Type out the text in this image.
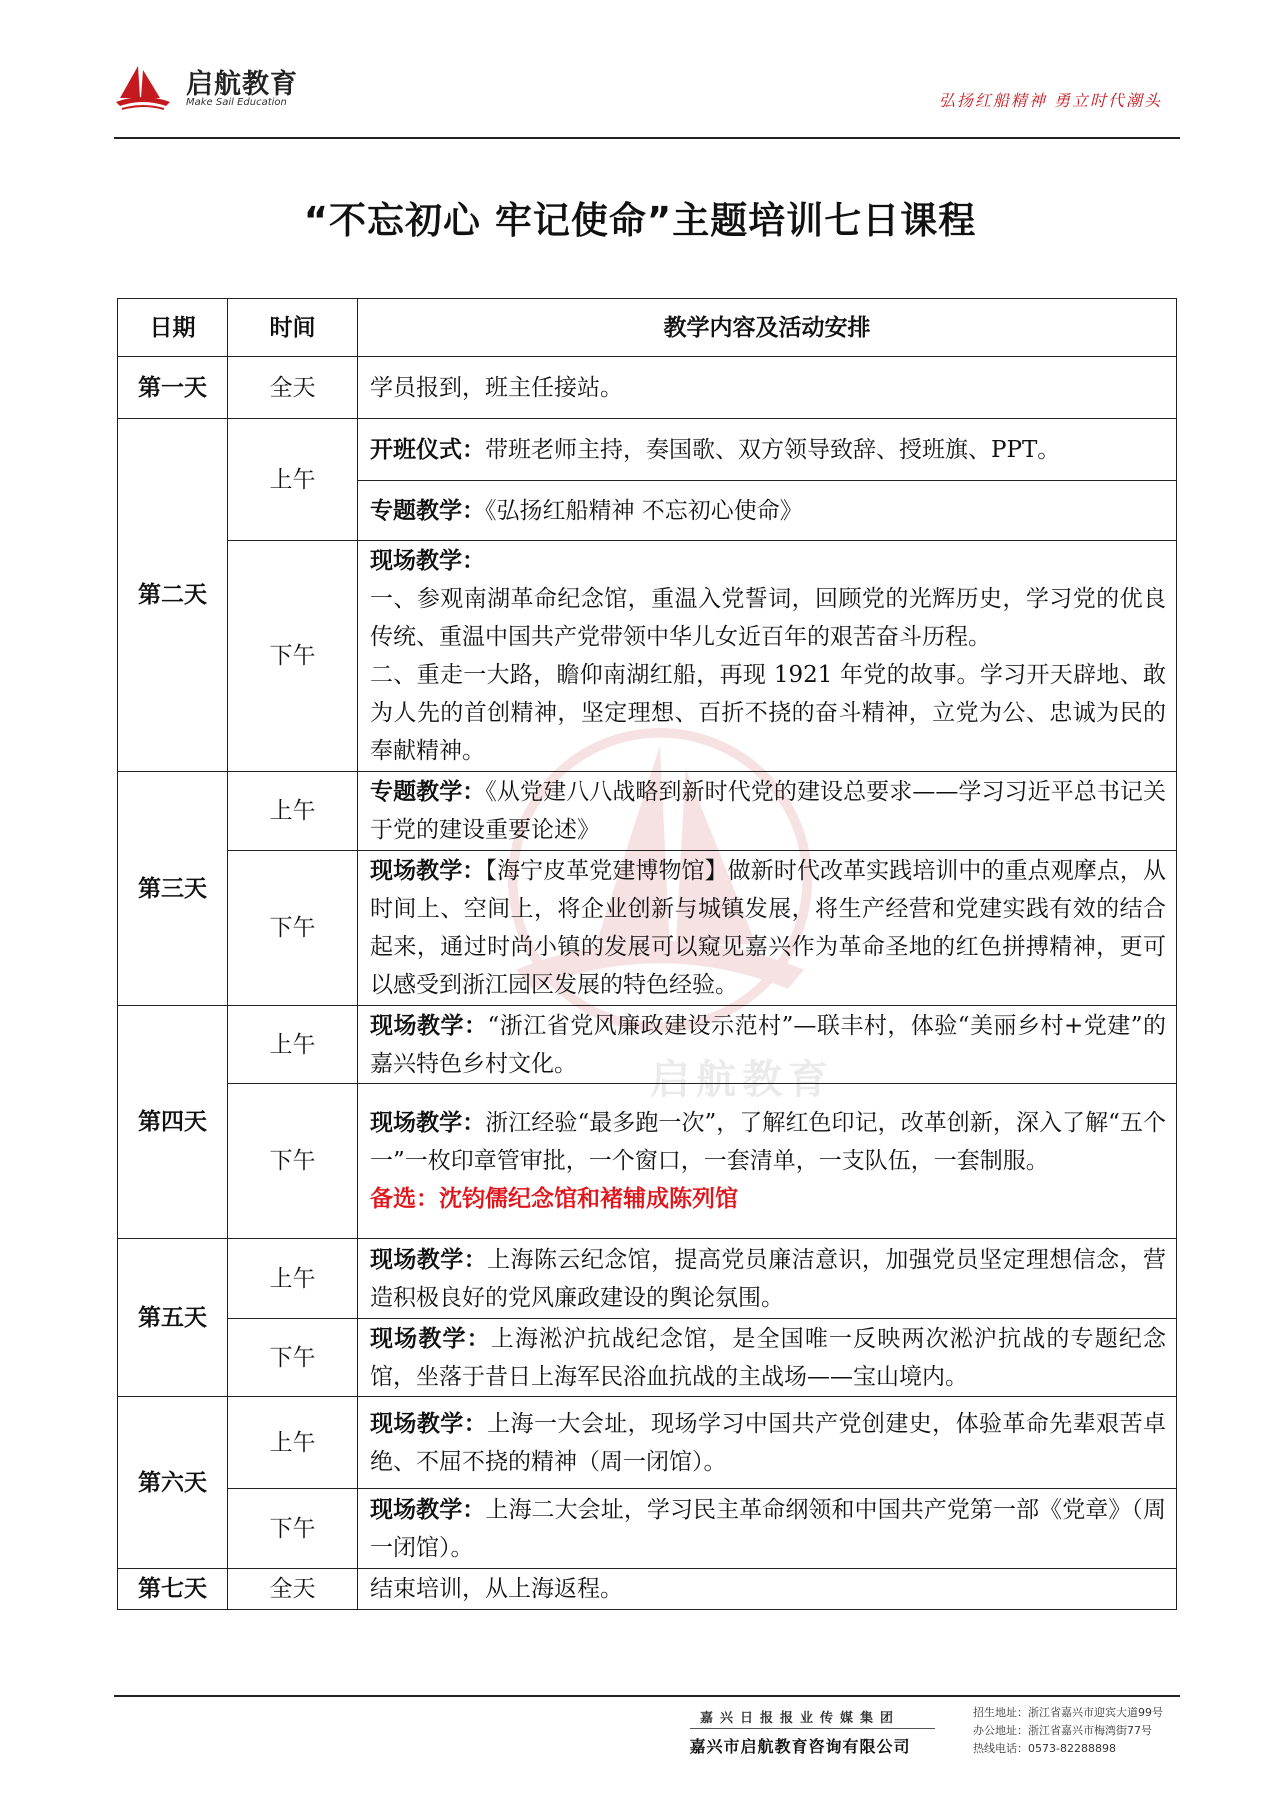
启航教育
Make Sail Education	弘扬红船精神 勇立时代潮头
“不忘初心 牢记使命”主题培训七日课程
启航教育
日期	时间	教学内容及活动安排
第一天	全天	学员报到，班主任接站。
第二天	上午	开班仪式：带班老师主持，奏国歌、双方领导致辞、授班旗、PPT。
		专题教学：《弘扬红船精神 不忘初心使命》
	下午	现场教学：
一、参观南湖革命纪念馆，重温入党誓词，回顾党的光辉历史，学习党的优良传统、重温中国共产党带领中华儿女近百年的艰苦奋斗历程。
二、重走一大路，瞻仰南湖红船，再现 1921 年党的故事。学习开天辟地、敢为人先的首创精神，坚定理想、百折不挠的奋斗精神，立党为公、忠诚为民的奉献精神。

第三天	上午	专题教学：《从党建八八战略到新时代党的建设总要求——学习习近平总书记关于党的建设重要论述》
	下午	现场教学：【海宁皮革党建博物馆】做新时代改革实践培训中的重点观摩点，从时间上、空间上，将企业创新与城镇发展，将生产经营和党建实践有效的结合起来，通过时尚小镇的发展可以窥见嘉兴作为革命圣地的红色拼搏精神，更可以感受到浙江园区发展的特色经验。
第四天	上午	现场教学：“浙江省党风廉政建设示范村”—联丰村，体验“美丽乡村+党建”的嘉兴特色乡村文化。
	下午	现场教学：浙江经验“最多跑一次”，了解红色印记，改革创新，深入了解“五个一”一枚印章管审批，一个窗口，一套清单，一支队伍，一套制服。
备选：沈钧儒纪念馆和褚辅成陈列馆

第五天	上午	现场教学：上海陈云纪念馆，提高党员廉洁意识，加强党员坚定理想信念，营造积极良好的党风廉政建设的舆论氛围。
	下午	现场教学：上海淞沪抗战纪念馆，是全国唯一反映两次淞沪抗战的专题纪念馆，坐落于昔日上海军民浴血抗战的主战场——宝山境内。
第六天	上午	现场教学：上海一大会址，现场学习中国共产党创建史，体验革命先辈艰苦卓绝、不屈不挠的精神（周一闭馆）。
	下午	现场教学：上海二大会址，学习民主革命纲领和中国共产党第一部《党章》（周一闭馆）。
第七天	全天	结束培训，从上海返程。
嘉兴日报报业传媒集团
嘉兴市启航教育咨询有限公司
招生地址：浙江省嘉兴市迎宾大道99号
办公地址：浙江省嘉兴市梅湾街77号
热线电话：0573-82288898
